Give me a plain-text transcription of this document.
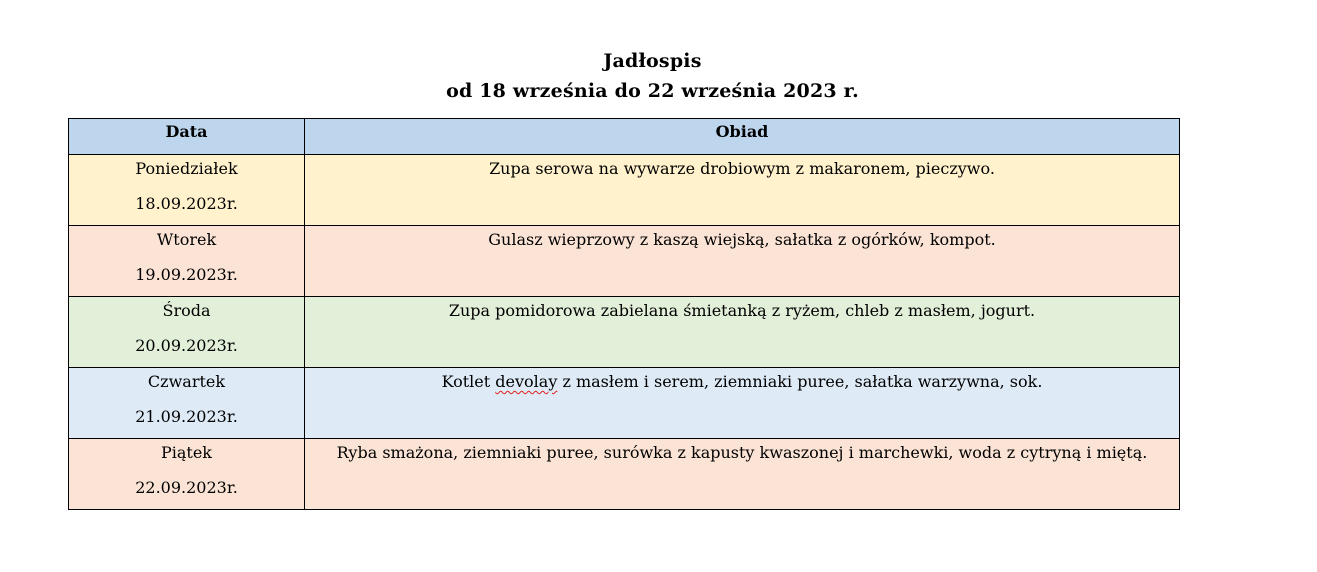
Jadłospis
od 18 września do 22 września 2023 r.
Data	Obiad

Poniedziałek
18.09.2023r.	Zupa serowa na wywarze drobiowym z makaronem, pieczywo.

Wtorek
19.09.2023r.	Gulasz wieprzowy z kaszą wiejską, sałatka z ogórków, kompot.

Środa
20.09.2023r.	Zupa pomidorowa zabielana śmietanką z ryżem, chleb z masłem, jogurt.

Czwartek
21.09.2023r.	Kotlet devolay z masłem i serem, ziemniaki puree, sałatka warzywna, sok.

Piątek
22.09.2023r.	Ryba smażona, ziemniaki puree, surówka z kapusty kwaszonej i marchewki, woda z cytryną i miętą.
